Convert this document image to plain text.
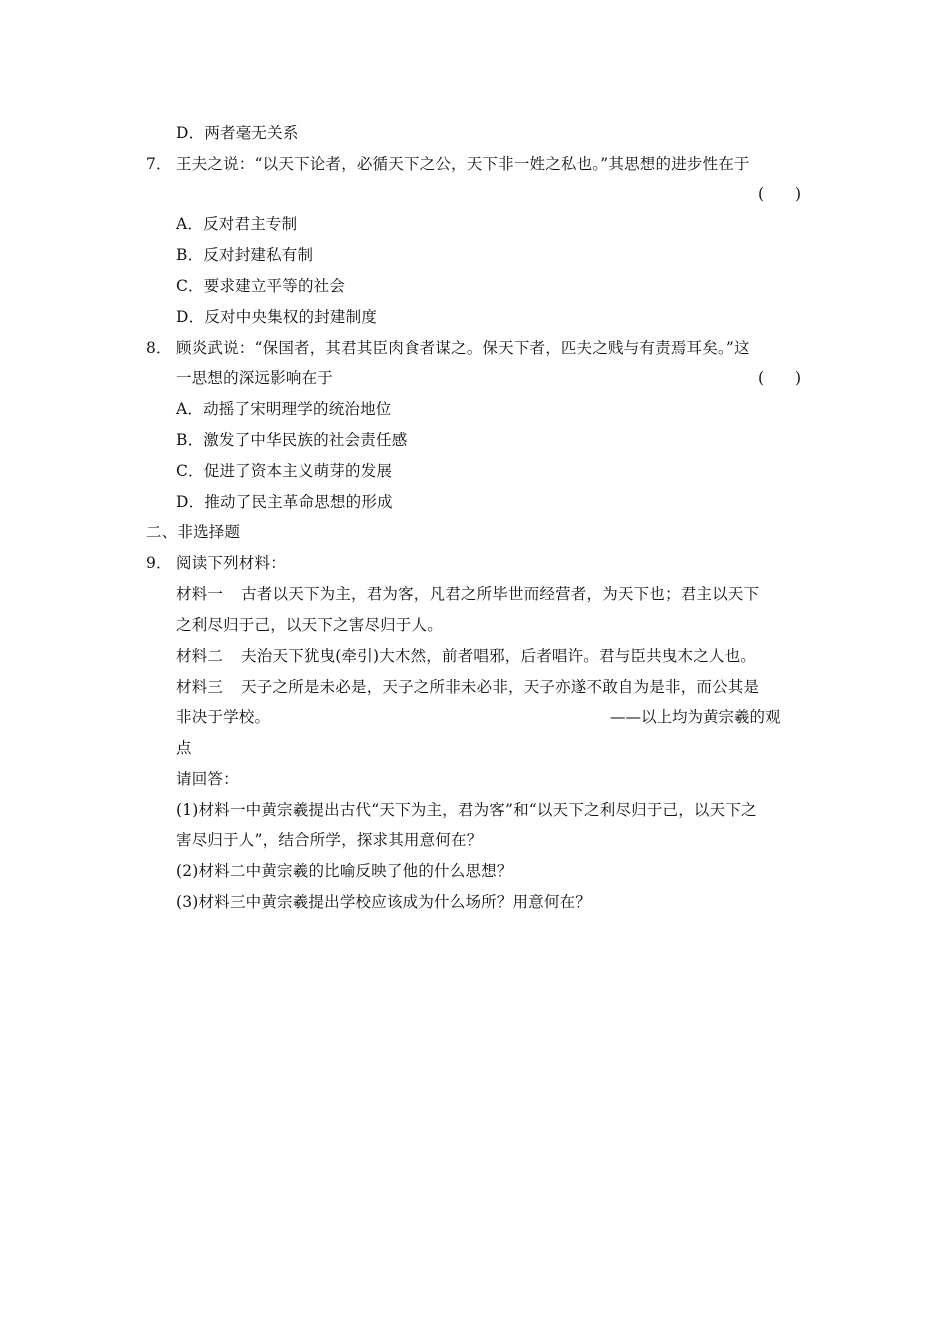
D．两者毫无关系
7． 王夫之说：“以天下论者，必循天下之公，天下非一姓之私也。”其思想的进步性在于
(　　)
A．反对君主专制
B．反对封建私有制
C．要求建立平等的社会
D．反对中央集权的封建制度
8． 顾炎武说：“保国者，其君其臣肉食者谋之。保天下者，匹夫之贱与有责焉耳矣。”这
一思想的深远影响在于	(　　)
A．动摇了宋明理学的统治地位
B．激发了中华民族的社会责任感
C．促进了资本主义萌芽的发展
D．推动了民主革命思想的形成
二、非选择题
9． 阅读下列材料：
材料一 古者以天下为主，君为客，凡君之所毕世而经营者，为天下也；君主以天下
之利尽归于己，以天下之害尽归于人。
材料二 夫治天下犹曳(牵引)大木然，前者唱邪，后者唱许。君与臣共曳木之人也。
材料三 天子之所是未必是，天子之所非未必非，天子亦遂不敢自为是非，而公其是
非决于学校。	——以上均为黄宗羲的观
点
请回答：
(1)材料一中黄宗羲提出古代“天下为主，君为客”和“以天下之利尽归于己，以天下之
害尽归于人”，结合所学，探求其用意何在？
(2)材料二中黄宗羲的比喻反映了他的什么思想？
(3)材料三中黄宗羲提出学校应该成为什么场所？用意何在？
